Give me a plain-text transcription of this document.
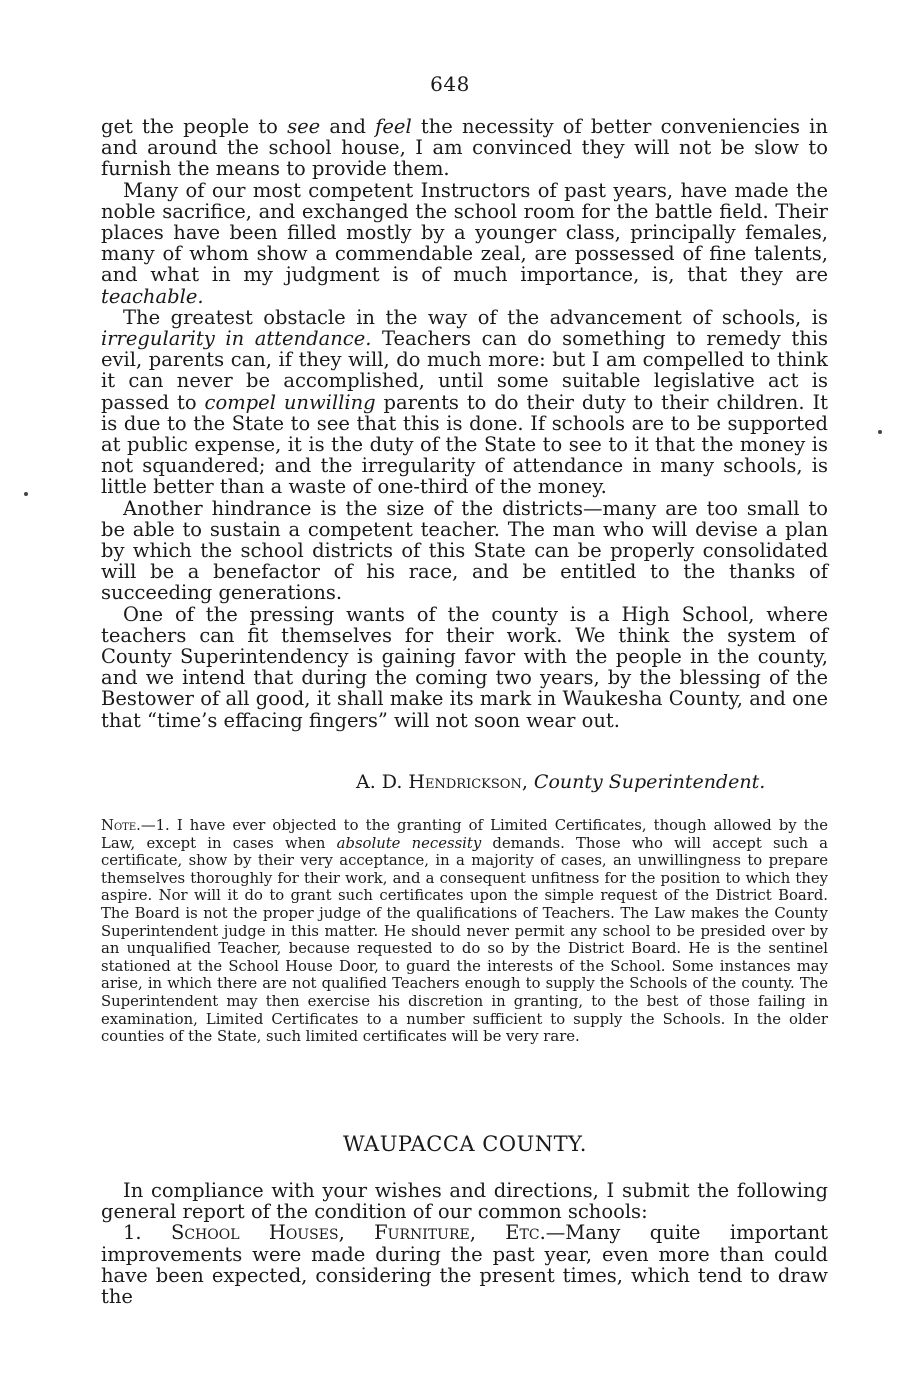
648

get the people to see and feel the necessity of better conveniencies in and around the school house, I am convinced they will not be slow to furnish the means to provide them.

Many of our most competent Instructors of past years, have made the noble sacrifice, and exchanged the school room for the battle field. Their places have been filled mostly by a younger class, principally females, many of whom show a commendable zeal, are possessed of fine talents, and what in my judgment is of much importance, is, that they are teachable.

The greatest obstacle in the way of the advancement of schools, is irregularity in attendance. Teachers can do something to remedy this evil, parents can, if they will, do much more: but I am compelled to think it can never be accomplished, until some suitable legislative act is passed to compel unwilling parents to do their duty to their children. It is due to the State to see that this is done. If schools are to be supported at public expense, it is the duty of the State to see to it that the money is not squandered; and the irregularity of attendance in many schools, is little better than a waste of one-third of the money.

Another hindrance is the size of the districts—many are too small to be able to sustain a competent teacher. The man who will devise a plan by which the school districts of this State can be properly consolidated will be a benefactor of his race, and be entitled to the thanks of succeeding generations.

One of the pressing wants of the county is a High School, where teachers can fit themselves for their work. We think the system of County Superintendency is gaining favor with the people in the county, and we intend that during the coming two years, by the blessing of the Bestower of all good, it shall make its mark in Waukesha County, and one that “time’s effacing fingers” will not soon wear out.

A. D. Hendrickson, County Superintendent.

Note.—1. I have ever objected to the granting of Limited Certificates, though allowed by the Law, except in cases when absolute necessity demands. Those who will accept such a certificate, show by their very acceptance, in a majority of cases, an unwillingness to prepare themselves thoroughly for their work, and a consequent unfitness for the position to which they aspire. Nor will it do to grant such certificates upon the simple request of the District Board. The Board is not the proper judge of the qualifications of Teachers. The Law makes the County Superintendent judge in this matter. He should never permit any school to be presided over by an unqualified Teacher, because requested to do so by the District Board. He is the sentinel stationed at the School House Door, to guard the interests of the School. Some instances may arise, in which there are not qualified Teachers enough to supply the Schools of the county. The Superintendent may then exercise his discretion in granting, to the best of those failing in examination, Limited Certificates to a number sufficient to supply the Schools. In the older counties of the State, such limited certificates will be very rare.

WAUPACCA COUNTY.

In compliance with your wishes and directions, I submit the following general report of the condition of our common schools:

1. School Houses, Furniture, Etc.—Many quite important improvements were made during the past year, even more than could have been expected, considering the present times, which tend to draw the
